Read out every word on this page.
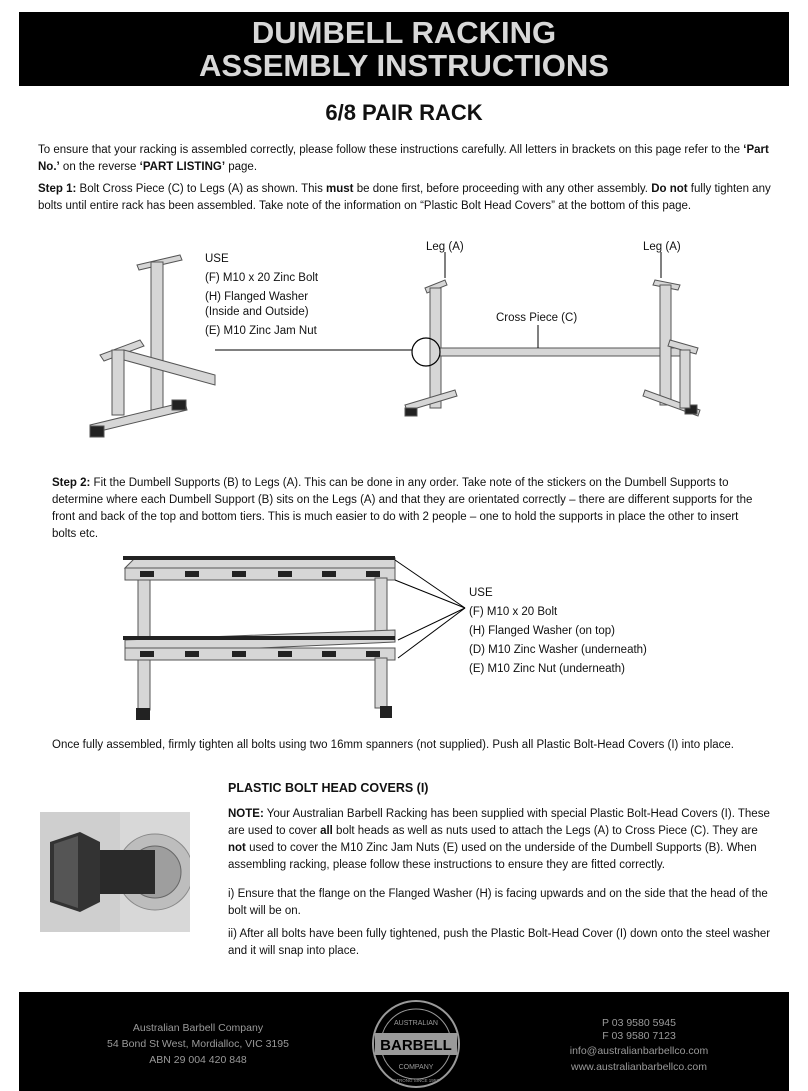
DUMBELL RACKING
ASSEMBLY INSTRUCTIONS
6/8 PAIR RACK
To ensure that your racking is assembled correctly, please follow these instructions carefully. All letters in brackets on this page refer to the ‘Part No.’ on the reverse ‘PART LISTING’ page.
Step 1: Bolt Cross Piece (C) to Legs (A) as shown. This must be done first, before proceeding with any other assembly. Do not fully tighten any bolts until entire rack has been assembled. Take note of the information on “Plastic Bolt Head Covers” at the bottom of this page.
USE
(F) M10 x 20 Zinc Bolt
(H) Flanged Washer
(Inside and Outside)
(E) M10 Zinc Jam Nut
Leg (A)	Leg (A)
Cross Piece (C)
Step 2: Fit the Dumbell Supports (B) to Legs (A). This can be done in any order. Take note of the stickers on the Dumbell Supports to determine where each Dumbell Support (B) sits on the Legs (A) and that they are orientated correctly – there are different supports for the front and back of the top and bottom tiers. This is much easier to do with 2 people – one to hold the supports in place the other to insert bolts etc.
USE
(F) M10 x 20 Bolt
(H) Flanged Washer (on top)
(D) M10 Zinc Washer (underneath)
(E) M10 Zinc Nut (underneath)
Once fully assembled, firmly tighten all bolts using two 16mm spanners (not supplied). Push all Plastic Bolt-Head Covers (I) into place.
PLASTIC BOLT HEAD COVERS (I)
NOTE: Your Australian Barbell Racking has been supplied with special Plastic Bolt-Head Covers (I). These are used to cover all bolt heads as well as nuts used to attach the Legs (A) to Cross Piece (C). They are not used to cover the M10 Zinc Jam Nuts (E) used on the underside of the Dumbell Supports (B). When assembling racking, please follow these instructions to ensure they are fitted correctly.
i) Ensure that the flange on the Flanged Washer (H) is facing upwards and on the side that the head of the bolt will be on.
ii) After all bolts have been fully tightened, push the Plastic Bolt-Head Cover (I) down onto the steel washer and it will snap into place.
Australian Barbell Company
54 Bond St West, Mordialloc, VIC 3195
ABN 29 004 420 848
BARBELL
AUSTRALIAN
COMPANY
STRONG SINCE 1957
P 03 9580 5945
F 03 9580 7123
info@australianbarbellco.com
www.australianbarbellco.com
